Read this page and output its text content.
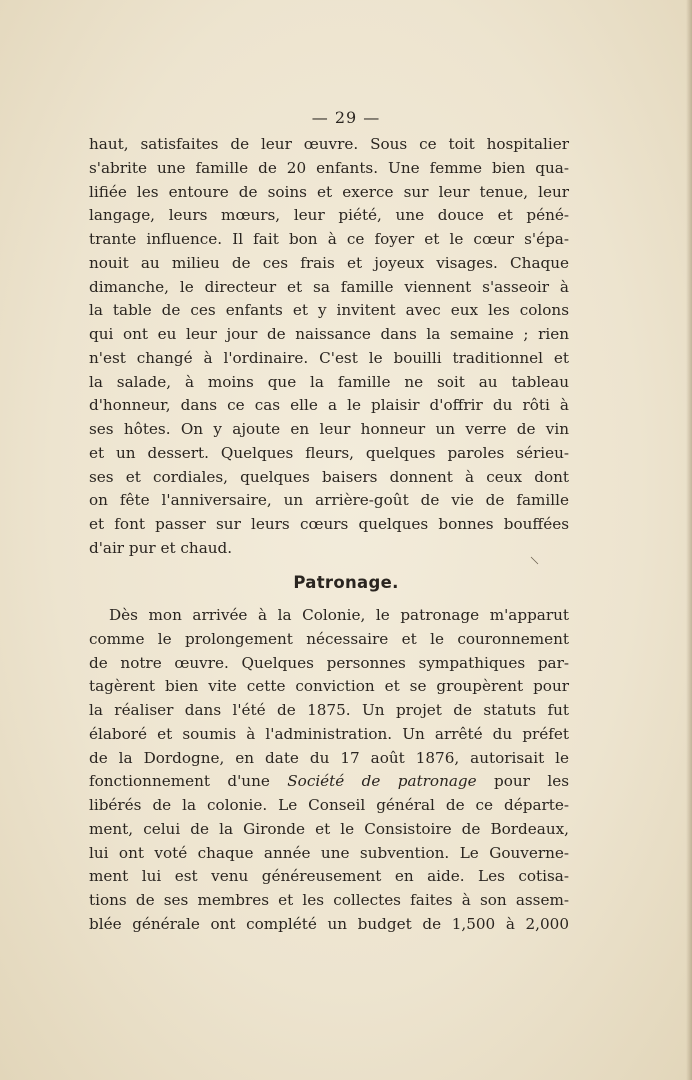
— 29 —
haut, satisfaites de leur œuvre. Sous ce toit hospitalier
s'abrite une famille de 20 enfants. Une femme bien qua-
lifiée les entoure de soins et exerce sur leur tenue, leur
langage, leurs mœurs, leur piété, une douce et péné-
trante influence. Il fait bon à ce foyer et le cœur s'épa-
nouit au milieu de ces frais et joyeux visages. Chaque
dimanche, le directeur et sa famille viennent s'asseoir à
la table de ces enfants et y invitent avec eux les colons
qui ont eu leur jour de naissance dans la semaine ; rien
n'est changé à l'ordinaire. C'est le bouilli traditionnel et
la salade, à moins que la famille ne soit au tableau
d'honneur, dans ce cas elle a le plaisir d'offrir du rôti à
ses hôtes. On y ajoute en leur honneur un verre de vin
et un dessert. Quelques fleurs, quelques paroles sérieu-
ses et cordiales, quelques baisers donnent à ceux dont
on fête l'anniversaire, un arrière-goût de vie de famille
et font passer sur leurs cœurs quelques bonnes bouffées
d'air pur et chaud.
Patronage.
Dès mon arrivée à la Colonie, le patronage m'apparut
comme le prolongement nécessaire et le couronnement
de notre œuvre. Quelques personnes sympathiques par-
tagèrent bien vite cette conviction et se groupèrent pour
la réaliser dans l'été de 1875. Un projet de statuts fut
élaboré et soumis à l'administration. Un arrêté du préfet
de la Dordogne, en date du 17 août 1876, autorisait le
fonctionnement d'une Société de patronage pour les
libérés de la colonie. Le Conseil général de ce départe-
ment, celui de la Gironde et le Consistoire de Bordeaux,
lui ont voté chaque année une subvention. Le Gouverne-
ment lui est venu généreusement en aide. Les cotisa-
tions de ses membres et les collectes faites à son assem-
blée générale ont complété un budget de 1,500 à 2,000
